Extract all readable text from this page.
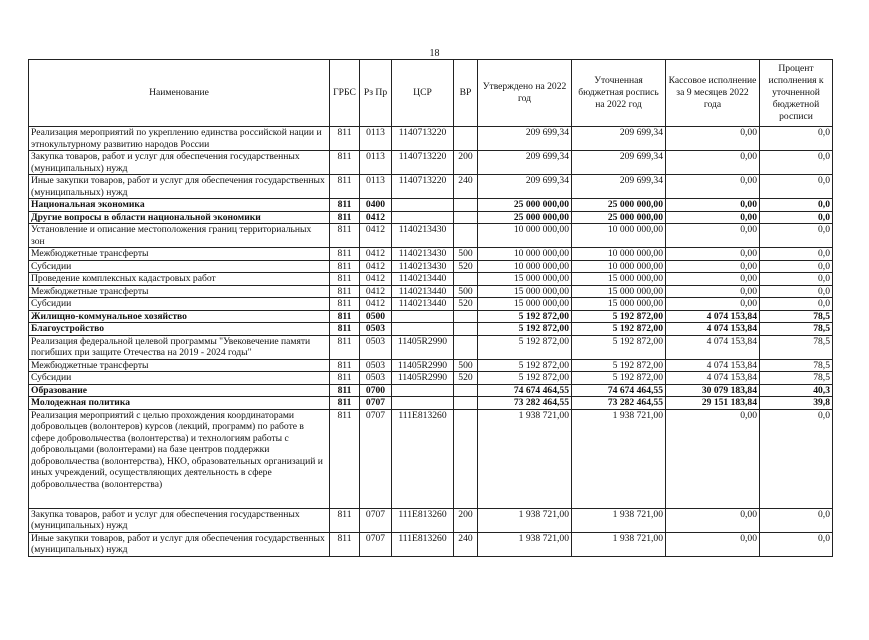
18
Наименование	ГРБС	Рз Пр	ЦСР	ВР	Утверждено на 2022 год	Уточненная бюджетная роспись на 2022 год	Кассовое исполнение за 9 месяцев 2022 года	Процент исполнения к уточненной бюджетной росписи
Реализация мероприятий по укреплению единства российской нации и этнокультурному развитию народов России	811	0113	1140713220		209 699,34	209 699,34	0,00	0,0
Закупка товаров, работ и услуг для обеспечения государственных (муниципальных) нужд	811	0113	1140713220	200	209 699,34	209 699,34	0,00	0,0
Иные закупки товаров, работ и услуг для обеспечения государственных (муниципальных) нужд	811	0113	1140713220	240	209 699,34	209 699,34	0,00	0,0
Национальная экономика	811	0400			25 000 000,00	25 000 000,00	0,00	0,0
Другие вопросы в области национальной экономики	811	0412			25 000 000,00	25 000 000,00	0,00	0,0
Установление и описание местоположения границ территориальных зон	811	0412	1140213430		10 000 000,00	10 000 000,00	0,00	0,0
Межбюджетные трансферты	811	0412	1140213430	500	10 000 000,00	10 000 000,00	0,00	0,0
Субсидии	811	0412	1140213430	520	10 000 000,00	10 000 000,00	0,00	0,0
Проведение комплексных кадастровых работ	811	0412	1140213440		15 000 000,00	15 000 000,00	0,00	0,0
Межбюджетные трансферты	811	0412	1140213440	500	15 000 000,00	15 000 000,00	0,00	0,0
Субсидии	811	0412	1140213440	520	15 000 000,00	15 000 000,00	0,00	0,0
Жилищно-коммунальное хозяйство	811	0500			5 192 872,00	5 192 872,00	4 074 153,84	78,5
Благоустройство	811	0503			5 192 872,00	5 192 872,00	4 074 153,84	78,5
Реализация федеральной целевой программы "Увековечение памяти погибших при защите Отечества на 2019 - 2024 годы"	811	0503	11405R2990		5 192 872,00	5 192 872,00	4 074 153,84	78,5
Межбюджетные трансферты	811	0503	11405R2990	500	5 192 872,00	5 192 872,00	4 074 153,84	78,5
Субсидии	811	0503	11405R2990	520	5 192 872,00	5 192 872,00	4 074 153,84	78,5
Образование	811	0700			74 674 464,55	74 674 464,55	30 079 183,84	40,3
Молодежная политика	811	0707			73 282 464,55	73 282 464,55	29 151 183,84	39,8
Реализация мероприятий с целью прохождения координаторами добровольцев (волонтеров) курсов (лекций, программ) по работе в сфере добровольчества (волонтерства) и технологиям работы с добровольцами (волонтерами) на базе центров поддержки добровольчества (волонтерства), НКО, образовательных организаций и иных учреждений, осуществляющих деятельность в сфере добровольчества (волонтерства)	811	0707	111E813260		1 938 721,00	1 938 721,00	0,00	0,0
Закупка товаров, работ и услуг для обеспечения государственных (муниципальных) нужд	811	0707	111E813260	200	1 938 721,00	1 938 721,00	0,00	0,0
Иные закупки товаров, работ и услуг для обеспечения государственных (муниципальных) нужд	811	0707	111E813260	240	1 938 721,00	1 938 721,00	0,00	0,0
